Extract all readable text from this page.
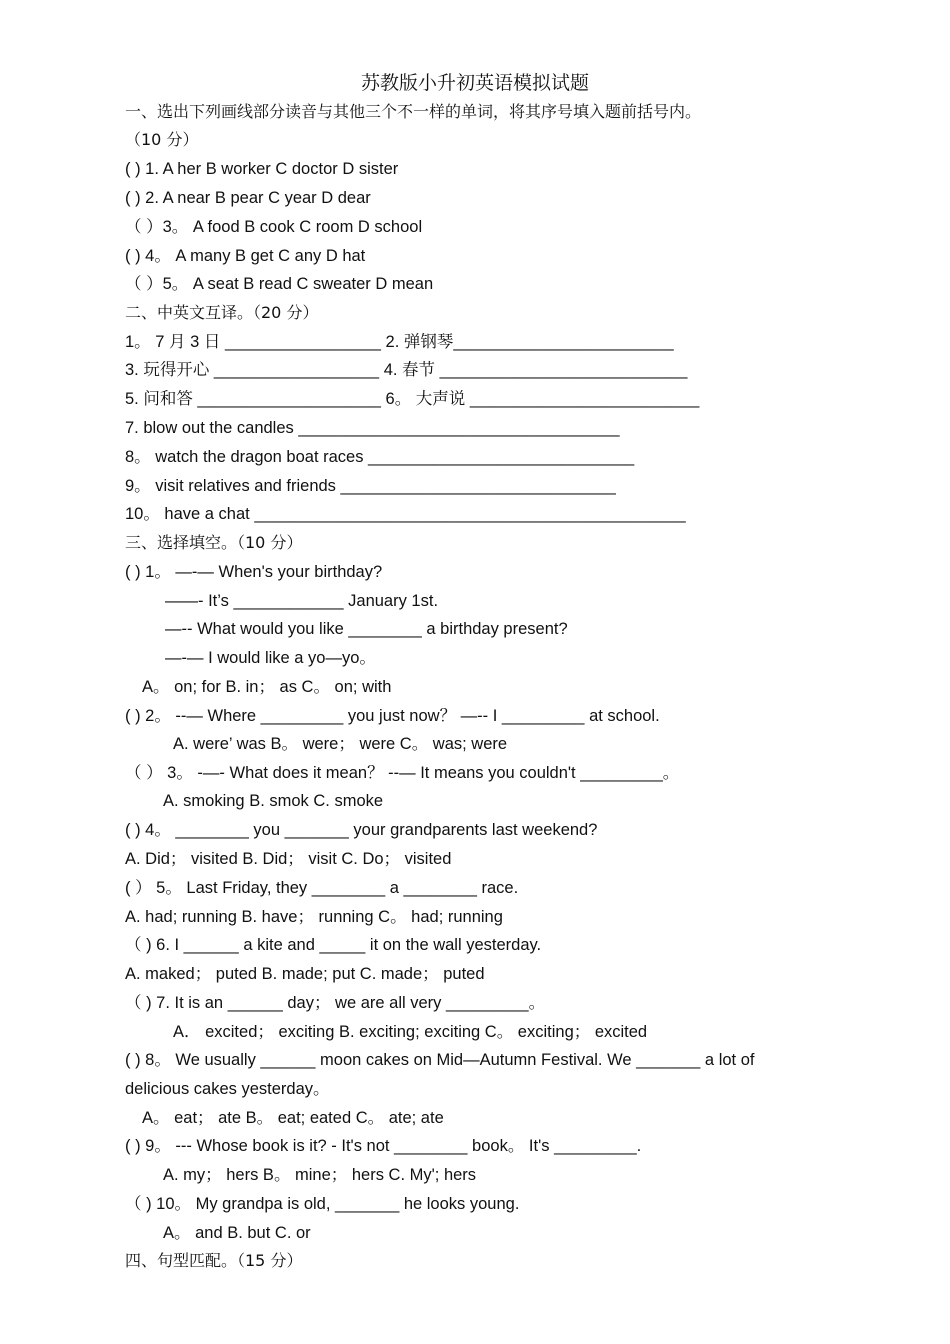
苏教版小升初英语模拟试题
一、选出下列画线部分读音与其他三个不一样的单词，将其序号填入题前括号内。
（10 分）
( ) 1. A her B worker C doctor D sister
( ) 2. A near B pear C year D dear
（ ）3。 A food B cook C room D school
( ) 4。 A many B get C any D hat
（ ）5。 A seat B read C sweater D mean
二、中英文互译。（20 分）
1。 7 月 3 日 _________________ 2. 弹钢琴________________________
3. 玩得开心 __________________ 4. 春节 ___________________________
5. 问和答 ____________________ 6。 大声说 _________________________
7. blow out the candles ___________________________________
8。 watch the dragon boat races _____________________________
9。 visit relatives and friends ______________________________
10。 have a chat _______________________________________________
三、选择填空。（10 分）
( ) 1。 —-— When's your birthday?
——- It’s ____________ January 1st.
—-- What would you like ________ a birthday present?
—-— I would like a yo—yo。
A。 on; for B. in； as C。 on; with
( ) 2。 --— Where _________ you just now？ —-- I _________ at school.
A. were’ was B。 were； were C。 was; were
（ ） 3。 -—- What does it mean？ --— It means you couldn't _________。
A. smoking B. smok C. smoke
( ) 4。 ________ you _______ your grandparents last weekend?
A. Did； visited B. Did； visit C. Do； visited
( ） 5。 Last Friday, they ________ a ________ race.
A. had; running B. have； running C。 had; running
（ ) 6. I ______ a kite and _____ it on the wall yesterday.
A. maked； puted B. made; put C. made； puted
（ ) 7. It is an ______ day； we are all very _________。
A． excited； exciting B. exciting; exciting C。 exciting； excited
( ) 8。 We usually ______ moon cakes on Mid—Autumn Festival. We _______ a lot of
delicious cakes yesterday。
A。 eat； ate B。 eat; eated C。 ate; ate
( ) 9。 --- Whose book is it? - It's not ________ book。 It's _________.
A. my； hers B。 mine； hers C. My'; hers
（ ) 10。 My grandpa is old, _______ he looks young.
A。 and B. but C. or
四、句型匹配。（15 分）
